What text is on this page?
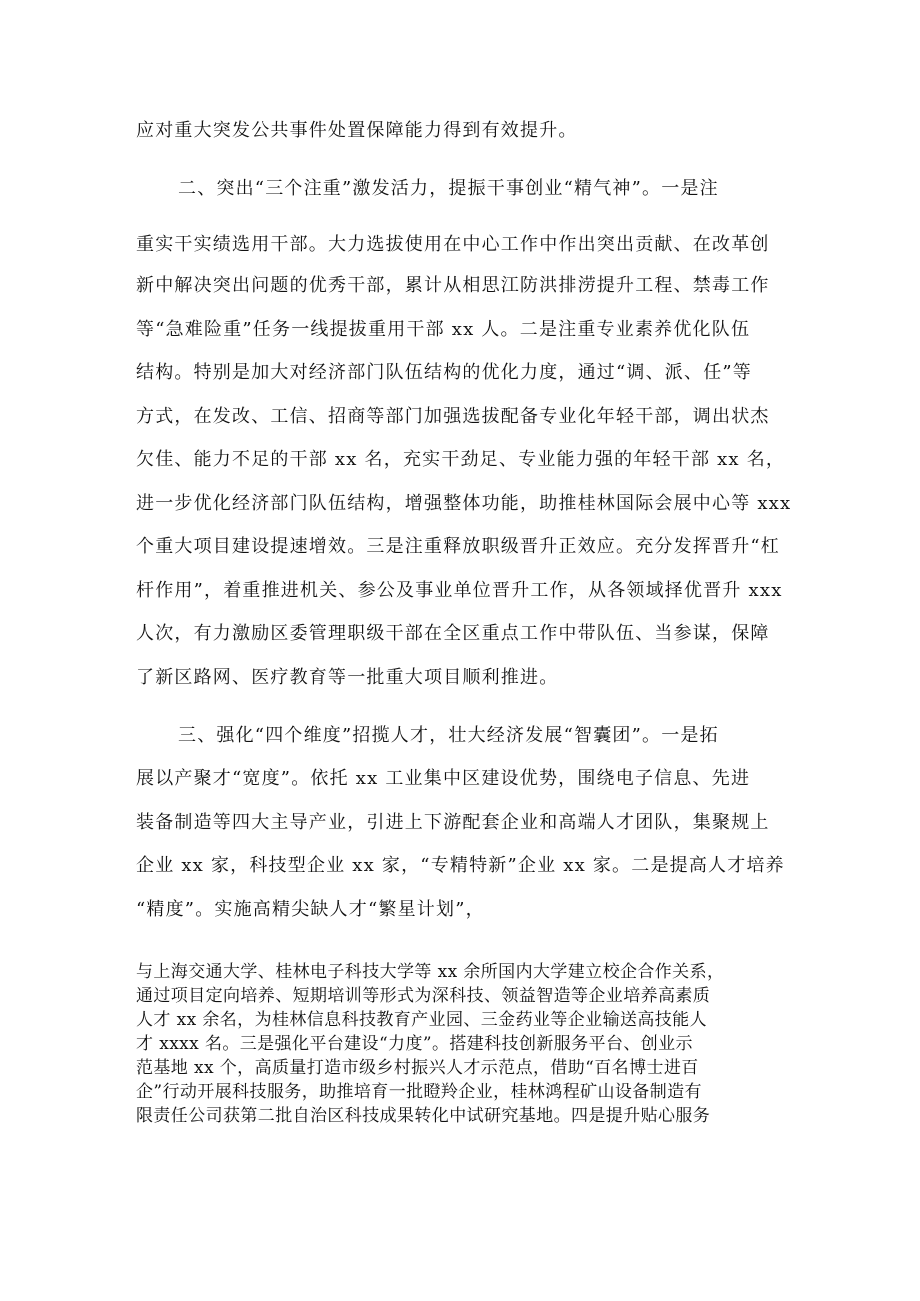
应对重大突发公共事件处置保障能力得到有效提升。
二、突出“三个注重”激发活力，提振干事创业“精气神”。一是注
重实干实绩选用干部。大力选拔使用在中心工作中作出突出贡献、在改革创
新中解决突出问题的优秀干部，累计从相思江防洪排涝提升工程、禁毒工作
等“急难险重”任务一线提拔重用干部 xx 人。二是注重专业素养优化队伍
结构。特别是加大对经济部门队伍结构的优化力度，通过“调、派、任”等
方式，在发改、工信、招商等部门加强选拔配备专业化年轻干部，调出状杰
欠佳、能力不足的干部 xx 名，充实干劲足、专业能力强的年轻干部 xx 名，
进一步优化经济部门队伍结构，增强整体功能，助推桂林国际会展中心等 xxx
个重大项目建设提速增效。三是注重释放职级晋升正效应。充分发挥晋升“杠
杆作用”，着重推进机关、参公及事业单位晋升工作，从各领域择优晋升 xxx
人次，有力激励区委管理职级干部在全区重点工作中带队伍、当参谋，保障
了新区路网、医疗教育等一批重大项目顺利推进。
三、强化“四个维度”招揽人才，壮大经济发展“智囊团”。一是拓
展以产聚才“宽度”。依托 xx 工业集中区建设优势，围绕电子信息、先进
装备制造等四大主导产业，引进上下游配套企业和高端人才团队，集聚规上
企业 xx 家，科技型企业 xx 家，“专精特新”企业 xx 家。二是提高人才培养
“精度”。实施高精尖缺人才“繁星计划”，
与上海交通大学、桂林电子科技大学等 xx 余所国内大学建立校企合作关系，
通过项目定向培养、短期培训等形式为深科技、领益智造等企业培养高素质
人才 xx 余名，为桂林信息科技教育产业园、三金药业等企业输送高技能人
才 xxxx 名。三是强化平台建设“力度”。搭建科技创新服务平台、创业示
范基地 xx 个，高质量打造市级乡村振兴人才示范点，借助“百名博士进百
企”行动开展科技服务，助推培育一批瞪羚企业，桂林鸿程矿山设备制造有
限责任公司获第二批自治区科技成果转化中试研究基地。四是提升贴心服务
